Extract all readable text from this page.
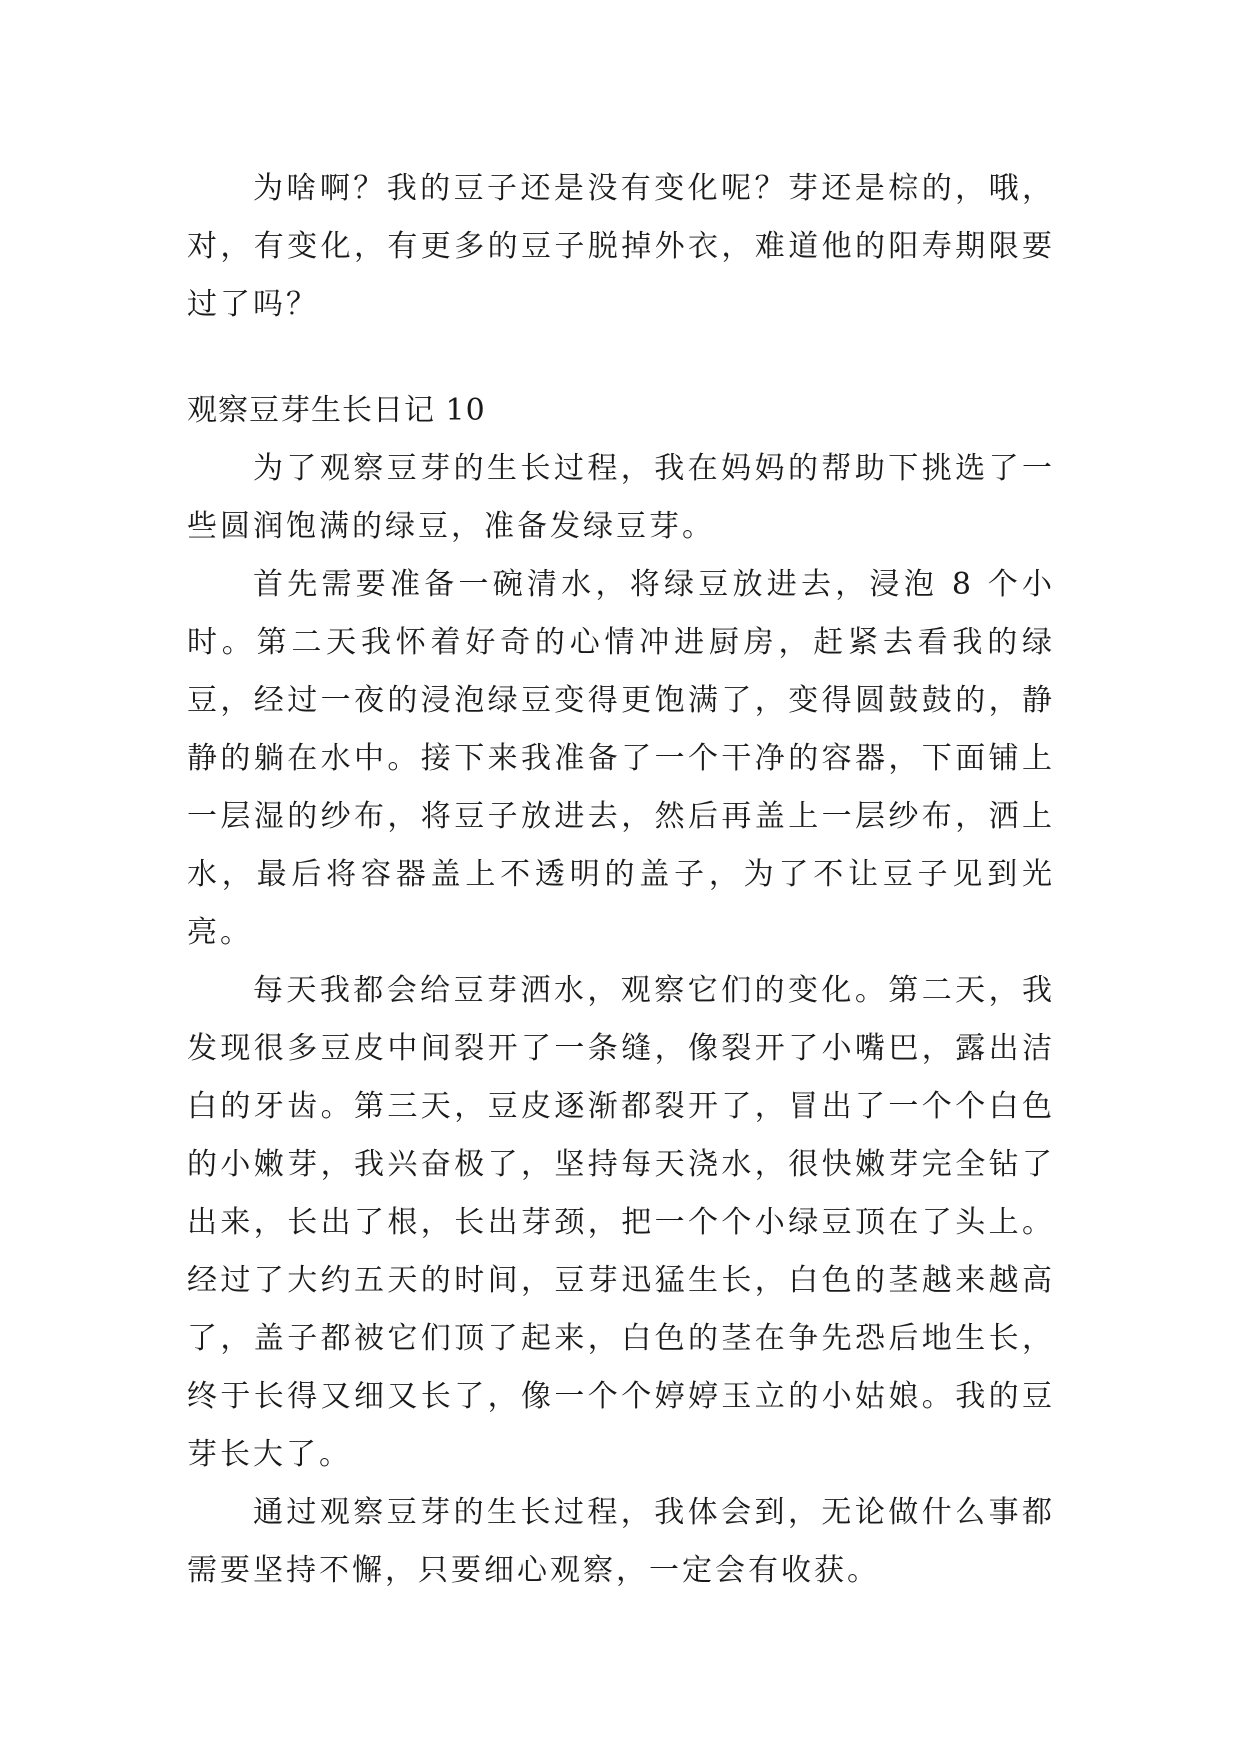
为啥啊？我的豆子还是没有变化呢？芽还是棕的，哦，对，有变化，有更多的豆子脱掉外衣，难道他的阳寿期限要过了吗？

观察豆芽生长日记 10

为了观察豆芽的生长过程，我在妈妈的帮助下挑选了一些圆润饱满的绿豆，准备发绿豆芽。

首先需要准备一碗清水，将绿豆放进去，浸泡 8 个小时。第二天我怀着好奇的心情冲进厨房，赶紧去看我的绿豆，经过一夜的浸泡绿豆变得更饱满了，变得圆鼓鼓的，静静的躺在水中。接下来我准备了一个干净的容器，下面铺上一层湿的纱布，将豆子放进去，然后再盖上一层纱布，洒上水，最后将容器盖上不透明的盖子，为了不让豆子见到光亮。

每天我都会给豆芽洒水，观察它们的变化。第二天，我发现很多豆皮中间裂开了一条缝，像裂开了小嘴巴，露出洁白的牙齿。第三天，豆皮逐渐都裂开了，冒出了一个个白色的小嫩芽，我兴奋极了，坚持每天浇水，很快嫩芽完全钻了出来，长出了根，长出芽颈，把一个个小绿豆顶在了头上。经过了大约五天的时间，豆芽迅猛生长，白色的茎越来越高了，盖子都被它们顶了起来，白色的茎在争先恐后地生长，终于长得又细又长了，像一个个婷婷玉立的小姑娘。我的豆芽长大了。

通过观察豆芽的生长过程，我体会到，无论做什么事都需要坚持不懈，只要细心观察，一定会有收获。
